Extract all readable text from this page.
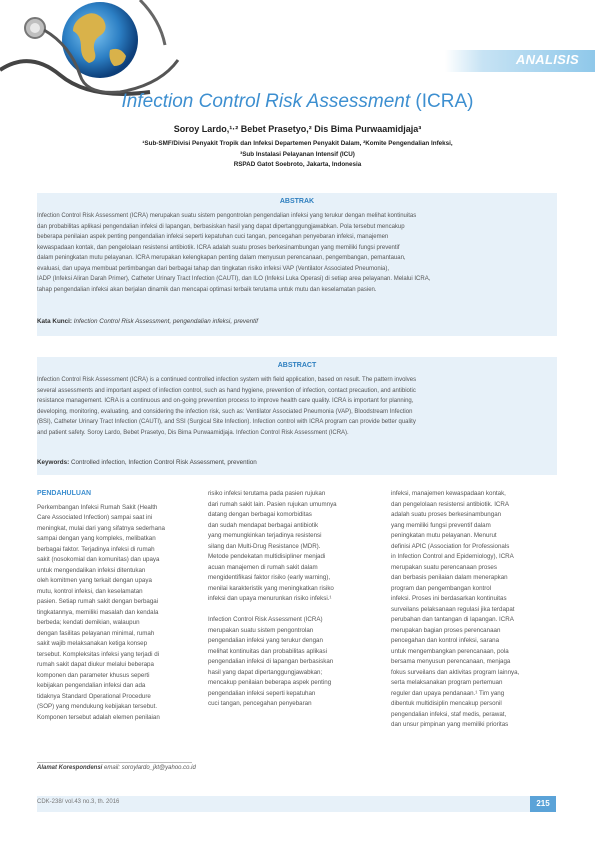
ANALISIS
Infection Control Risk Assessment (ICRA)
Soroy Lardo,¹·² Bebet Prasetyo,² Dis Bima Purwaamidjaja³
¹Sub-SMF/Divisi Penyakit Tropik dan Infeksi Departemen Penyakit Dalam, ²Komite Pengendalian Infeksi,
³Sub Instalasi Pelayanan Intensif (ICU)
RSPAD Gatot Soebroto, Jakarta, Indonesia
ABSTRAK
Infection Control Risk Assessment (ICRA) merupakan suatu sistem pengontrolan pengendalian infeksi yang terukur dengan melihat kontinuitas
dan probabilitas aplikasi pengendalian infeksi di lapangan, berbasiskan hasil yang dapat dipertanggungjawabkan. Pola tersebut mencakup
beberapa penilaian aspek penting pengendalian infeksi seperti kepatuhan cuci tangan, pencegahan penyebaran infeksi, manajemen
kewaspadaan kontak, dan pengelolaan resistensi antibiotik. ICRA adalah suatu proses berkesinambungan yang memiliki fungsi preventif
dalam peningkatan mutu pelayanan. ICRA merupakan kelengkapan penting dalam menyusun perencanaan, pengembangan, pemantauan,
evaluasi, dan upaya membuat pertimbangan dari berbagai tahap dan tingkatan risiko infeksi VAP (Ventilator Associated Pneumonia),
IADP (Infeksi Aliran Darah Primer), Catheter Urinary Tract Infection (CAUTI), dan ILO (Infeksi Luka Operasi) di setiap area pelayanan. Melalui ICRA,
tahap pengendalian infeksi akan berjalan dinamik dan mencapai optimasi terbaik terutama untuk mutu dan keselamatan pasien.
Kata Kunci: Infection Control Risk Assessment, pengendalian infeksi, preventif
ABSTRACT
Infection Control Risk Assessment (ICRA) is a continued controlled infection system with field application, based on result. The pattern involves
several assessments and important aspect of infection control, such as hand hygiene, prevention of infection, contact precaution, and antibiotic
resistance management. ICRA is a continuous and on-going prevention process to improve health care quality. ICRA is important for planning,
developing, monitoring, evaluating, and considering the infection risk, such as: Ventilator Associated Pneumonia (VAP), Bloodstream Infection
(BSI), Catheter Urinary Tract Infection (CAUTI), and SSI (Surgical Site Infection). Infection control with ICRA program can provide better quality
and patient safety. Soroy Lardo, Bebet Prasetyo, Dis Bima Purwaamidjaja. Infection Control Risk Assessment (ICRA).
Keywords: Controlled infection, Infection Control Risk Assessment, prevention
PENDAHULUAN
Perkembangan Infeksi Rumah Sakit (Health
Care Associated Infection) sampai saat ini
meningkat, mulai dari yang sifatnya sederhana
sampai dengan yang kompleks, melibatkan
berbagai faktor. Terjadinya infeksi di rumah
sakit (nosokomial dan komunitas) dan upaya
untuk mengendalikan infeksi ditentukan
oleh komitmen yang terkait dengan upaya
mutu, kontrol infeksi, dan keselamatan
pasien. Setiap rumah sakit dengan berbagai
tingkatannya, memiliki masalah dan kendala
berbeda; kendati demikian, walaupun
dengan fasilitas pelayanan minimal, rumah
sakit wajib melaksanakan ketiga konsep
tersebut. Kompleksitas infeksi yang terjadi di
rumah sakit dapat diukur melalui beberapa
komponen dan parameter khusus seperti
kebijakan pengendalian infeksi dan ada
tidaknya Standard Operational Procedure
(SOP) yang mendukung kebijakan tersebut.
Komponen tersebut adalah elemen penilaian
risiko infeksi terutama pada pasien rujukan
dari rumah sakit lain. Pasien rujukan umumnya
datang dengan berbagai komorbiditas
dan sudah mendapat berbagai antibiotik
yang memungkinkan terjadinya resistensi
silang dan Multi-Drug Resistance (MDR).
Metode pendekatan multidisipliner menjadi
acuan manajemen di rumah sakit dalam
mengidentifikasi faktor risiko (early warning),
menilai karakteristik yang meningkatkan risiko
infeksi dan upaya menurunkan risiko infeksi.¹
Infection Control Risk Assessment (ICRA)
merupakan suatu sistem pengontrolan
pengendalian infeksi yang terukur dengan
melihat kontinuitas dan probabilitas aplikasi
pengendalian infeksi di lapangan berbasiskan
hasil yang dapat dipertanggungjawabkan;
mencakup penilaian beberapa aspek penting
pengendalian infeksi seperti kepatuhan
cuci tangan, pencegahan penyebaran
infeksi, manajemen kewaspadaan kontak,
dan pengelolaan resistensi antibiotik. ICRA
adalah suatu proses berkesinambungan
yang memiliki fungsi preventif dalam
peningkatan mutu pelayanan. Menurut
definisi APIC (Association for Professionals
in Infection Control and Epidemiology), ICRA
merupakan suatu perencanaan proses
dan berbasis penilaian dalam menerapkan
program dan pengembangan kontrol
infeksi. Proses ini berdasarkan kontinuitas
surveilans pelaksanaan regulasi jika terdapat
perubahan dan tantangan di lapangan. ICRA
merupakan bagian proses perencanaan
pencegahan dan kontrol infeksi, sarana
untuk mengembangkan perencanaan, pola
bersama menyusun perencanaan, menjaga
fokus surveilans dan aktivitas program lainnya,
serta melaksanakan program pertemuan
reguler dan upaya pendanaan.¹ Tim yang
dibentuk multidisiplin mencakup personil
pengendalian infeksi, staf medis, perawat,
dan unsur pimpinan yang memiliki prioritas
Alamat Korespondensi email: soroylardo_jkt@yahoo.co.id
CDK-238/ vol.43 no.3, th. 2016	215
